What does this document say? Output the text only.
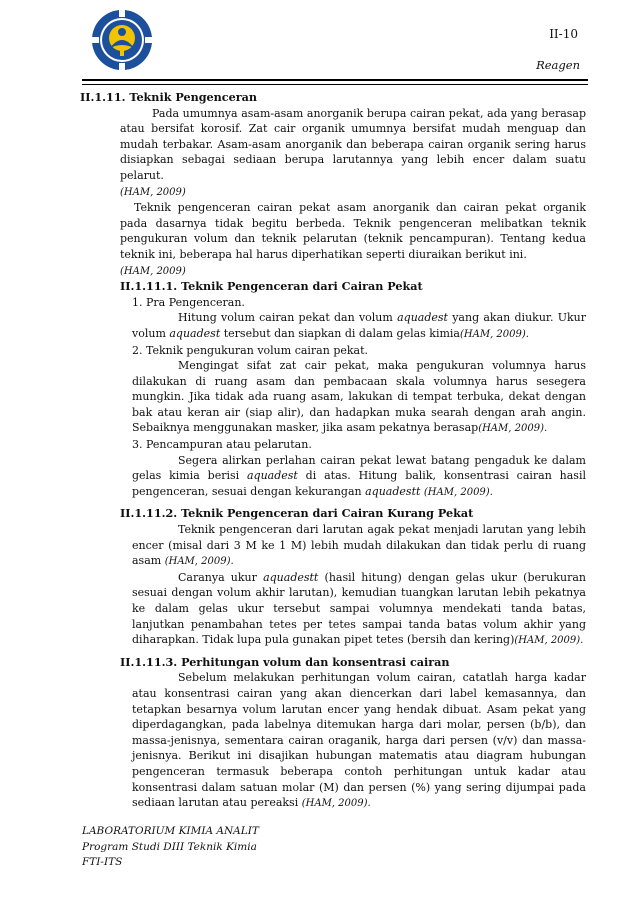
II-10
Reagen

II.1.11. Teknik Pengenceran

Pada umumnya asam-asam anorganik berupa cairan pekat, ada yang berasap atau bersifat korosif. Zat cair organik umumnya bersifat mudah menguap dan mudah terbakar. Asam-asam anorganik dan beberapa cairan organik sering harus disiapkan sebagai sediaan berupa larutannya yang lebih encer dalam suatu pelarut.

(HAM, 2009)

Teknik pengenceran cairan pekat asam anorganik dan cairan pekat organik pada dasarnya tidak begitu berbeda. Teknik pengenceran melibatkan teknik pengukuran volum dan teknik pelarutan (teknik pencampuran). Tentang kedua teknik ini, beberapa hal harus diperhatikan seperti diuraikan berikut ini.

(HAM, 2009)

II.1.11.1. Teknik Pengenceran dari Cairan Pekat

1. Pra Pengenceran.

Hitung volum cairan pekat dan volum aquadest yang akan diukur. Ukur volum aquadest tersebut dan siapkan di dalam gelas kimia(HAM, 2009).

2. Teknik pengukuran volum cairan pekat.

Mengingat sifat zat cair pekat, maka pengukuran volumnya harus dilakukan di ruang asam dan pembacaan skala volumnya harus sesegera mungkin. Jika tidak ada ruang asam, lakukan di tempat terbuka, dekat dengan bak atau keran air (siap alir), dan hadapkan muka searah dengan arah angin. Sebaiknya menggunakan masker, jika asam pekatnya berasap(HAM, 2009).

3. Pencampuran atau pelarutan.

Segera alirkan perlahan cairan pekat lewat batang pengaduk ke dalam gelas kimia berisi aquadest di atas. Hitung balik, konsentrasi cairan hasil pengenceran, sesuai dengan kekurangan aquadestt (HAM, 2009).

II.1.11.2. Teknik Pengenceran dari Cairan Kurang Pekat

Teknik pengenceran dari larutan agak pekat menjadi larutan yang lebih encer (misal dari 3 M ke 1 M) lebih mudah dilakukan dan tidak perlu di ruang asam (HAM, 2009).

Caranya ukur aquadestt (hasil hitung) dengan gelas ukur (berukuran sesuai dengan volum akhir larutan), kemudian tuangkan larutan lebih pekatnya ke dalam gelas ukur tersebut sampai volumnya mendekati tanda batas, lanjutkan penambahan tetes per tetes sampai tanda batas volum akhir yang diharapkan. Tidak lupa pula gunakan pipet tetes (bersih dan kering)(HAM, 2009).

II.1.11.3. Perhitungan volum dan konsentrasi cairan

Sebelum melakukan perhitungan volum cairan, catatlah harga kadar atau konsentrasi cairan yang akan diencerkan dari label kemasannya, dan tetapkan besarnya volum larutan encer yang hendak dibuat. Asam pekat yang diperdagangkan, pada labelnya ditemukan harga dari molar, persen (b/b), dan massa-jenisnya, sementara cairan oraganik, harga dari persen (v/v) dan massa-jenisnya. Berikut ini disajikan hubungan matematis atau diagram hubungan pengenceran termasuk beberapa contoh perhitungan untuk kadar atau konsentrasi dalam satuan molar (M) dan persen (%) yang sering dijumpai pada sediaan larutan atau pereaksi (HAM, 2009).

LABORATORIUM KIMIA ANALIT
Program Studi DIII Teknik Kimia
FTI-ITS
